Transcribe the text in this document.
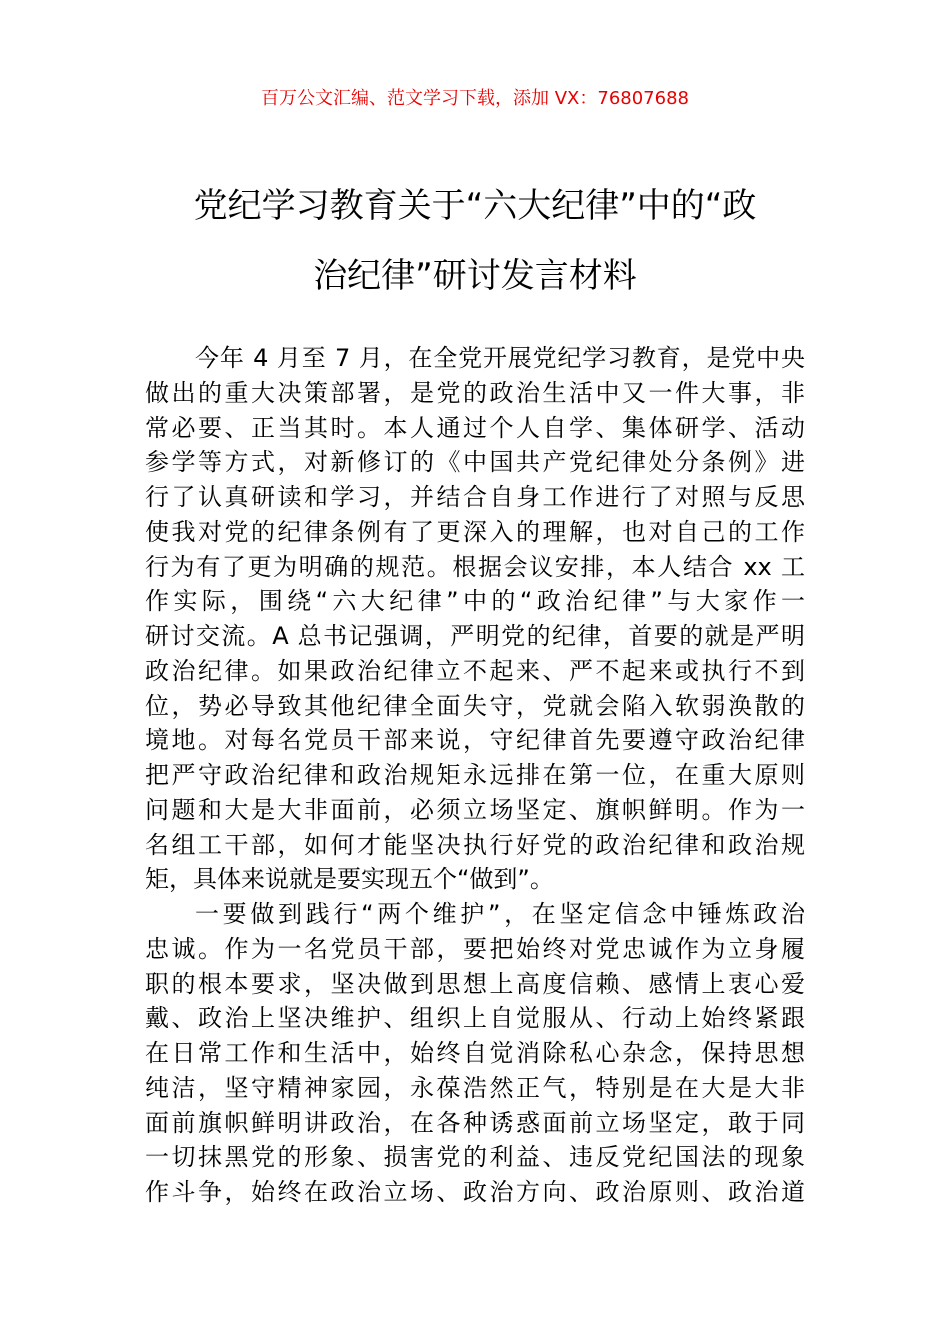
百万公文汇编、范文学习下载，添加 VX：76807688
党纪学习教育关于“六大纪律”中的“政
治纪律”研讨发言材料
今年 4 月至 7 月，在全党开展党纪学习教育，是党中央
做出的重大决策部署，是党的政治生活中又一件大事，非
常必要、正当其时。本人通过个人自学、集体研学、活动
参学等方式，对新修订的《中国共产党纪律处分条例》进
行了认真研读和学习，并结合自身工作进行了对照与反思
使我对党的纪律条例有了更深入的理解，也对自己的工作
行为有了更为明确的规范。根据会议安排，本人结合 xx 工
作实际，围绕“六大纪律”中的“政治纪律”与大家作一
研讨交流。A 总书记强调，严明党的纪律，首要的就是严明
政治纪律。如果政治纪律立不起来、严不起来或执行不到
位，势必导致其他纪律全面失守，党就会陷入软弱涣散的
境地。对每名党员干部来说，守纪律首先要遵守政治纪律
把严守政治纪律和政治规矩永远排在第一位，在重大原则
问题和大是大非面前，必须立场坚定、旗帜鲜明。作为一
名组工干部，如何才能坚决执行好党的政治纪律和政治规
矩，具体来说就是要实现五个“做到”。
一要做到践行“两个维护”，在坚定信念中锤炼政治
忠诚。作为一名党员干部，要把始终对党忠诚作为立身履
职的根本要求，坚决做到思想上高度信赖、感情上衷心爱
戴、政治上坚决维护、组织上自觉服从、行动上始终紧跟
在日常工作和生活中，始终自觉消除私心杂念，保持思想
纯洁，坚守精神家园，永葆浩然正气，特别是在大是大非
面前旗帜鲜明讲政治，在各种诱惑面前立场坚定，敢于同
一切抹黑党的形象、损害党的利益、违反党纪国法的现象
作斗争，始终在政治立场、政治方向、政治原则、政治道
